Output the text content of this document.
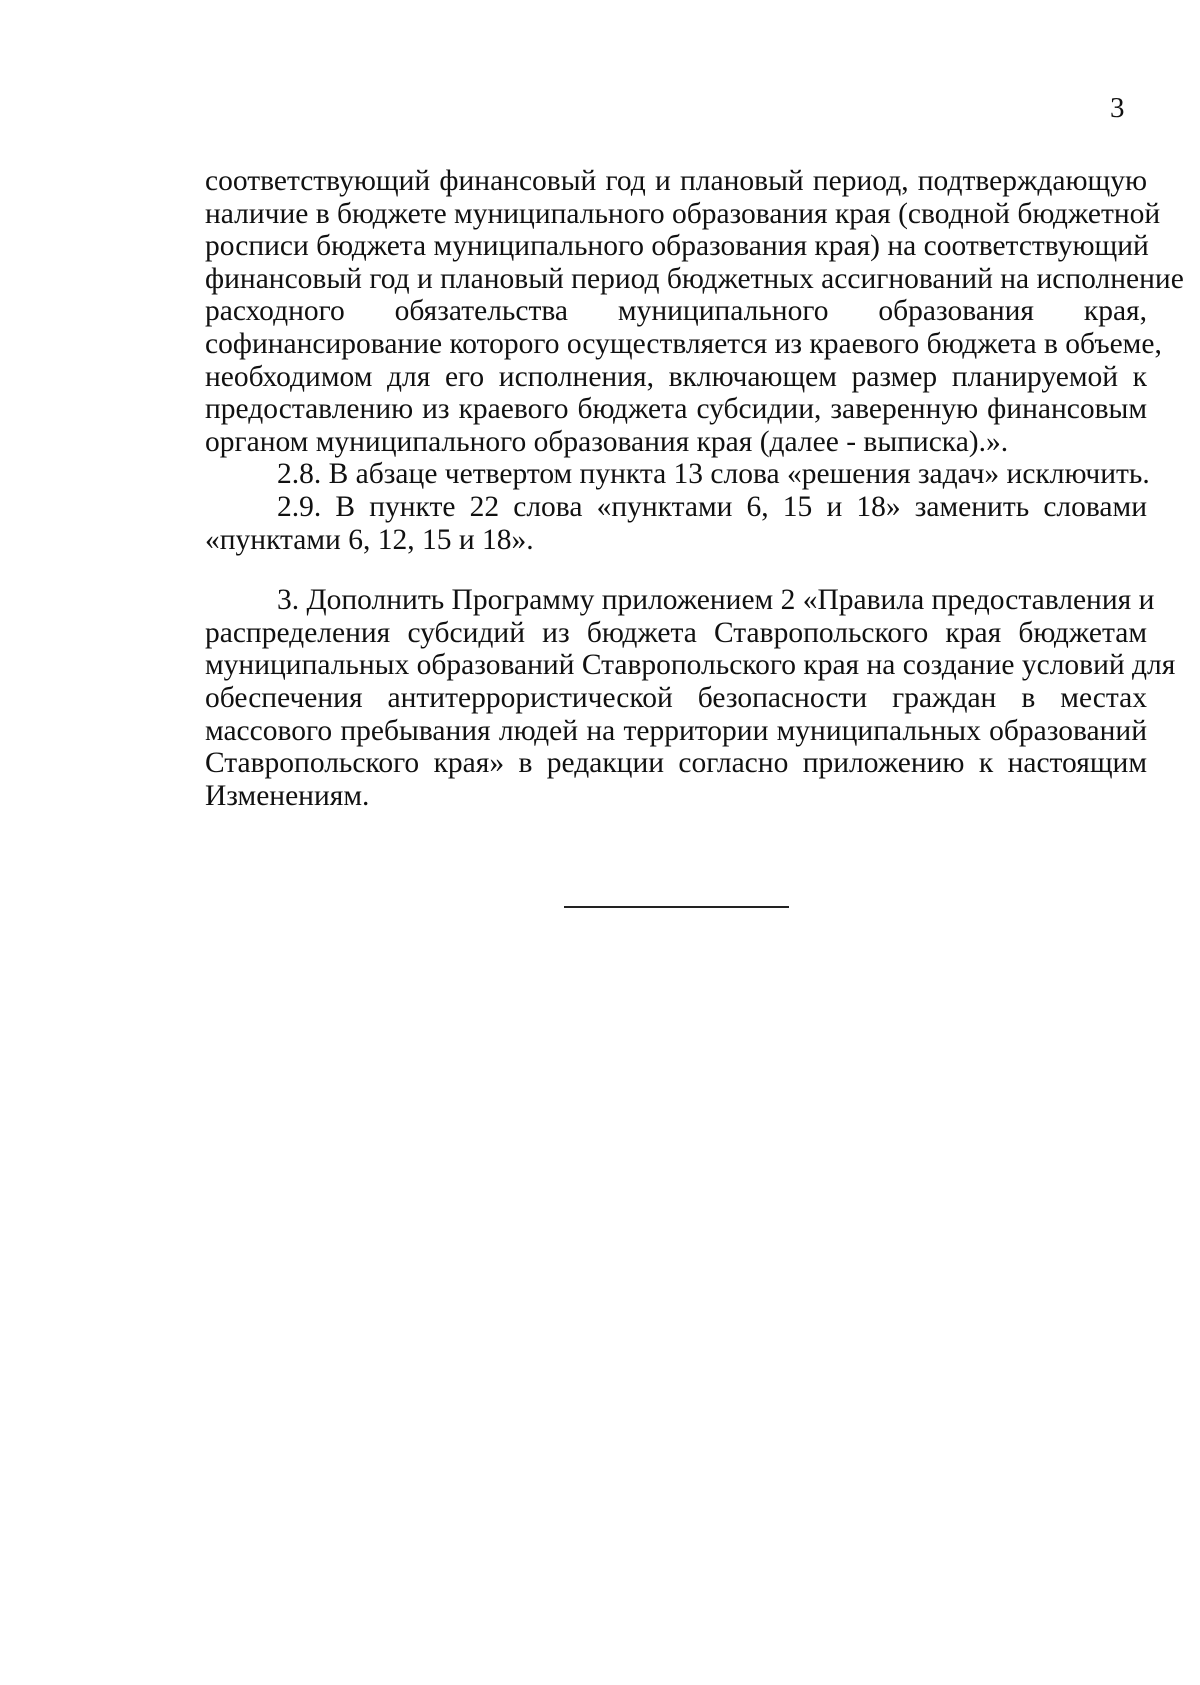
3
соответствующий финансовый год и плановый период, подтверждающую
наличие в бюджете муниципального образования края (сводной бюджетной
росписи бюджета муниципального образования края) на соответствующий
финансовый год и плановый период бюджетных ассигнований на исполнение
расходного обязательства муниципального образования края,
софинансирование которого осуществляется из краевого бюджета в объеме,
необходимом для его исполнения, включающем размер планируемой к
предоставлению из краевого бюджета субсидии, заверенную финансовым
органом муниципального образования края (далее - выписка).».
2.8. В абзаце четвертом пункта 13 слова «решения задач» исключить.
2.9. В пункте 22 слова «пунктами 6, 15 и 18» заменить словами
«пунктами 6, 12, 15 и 18».
3. Дополнить Программу приложением 2 «Правила предоставления и
распределения субсидий из бюджета Ставропольского края бюджетам
муниципальных образований Ставропольского края на создание условий для
обеспечения антитеррористической безопасности граждан в местах
массового пребывания людей на территории муниципальных образований
Ставропольского края» в редакции согласно приложению к настоящим
Изменениям.
